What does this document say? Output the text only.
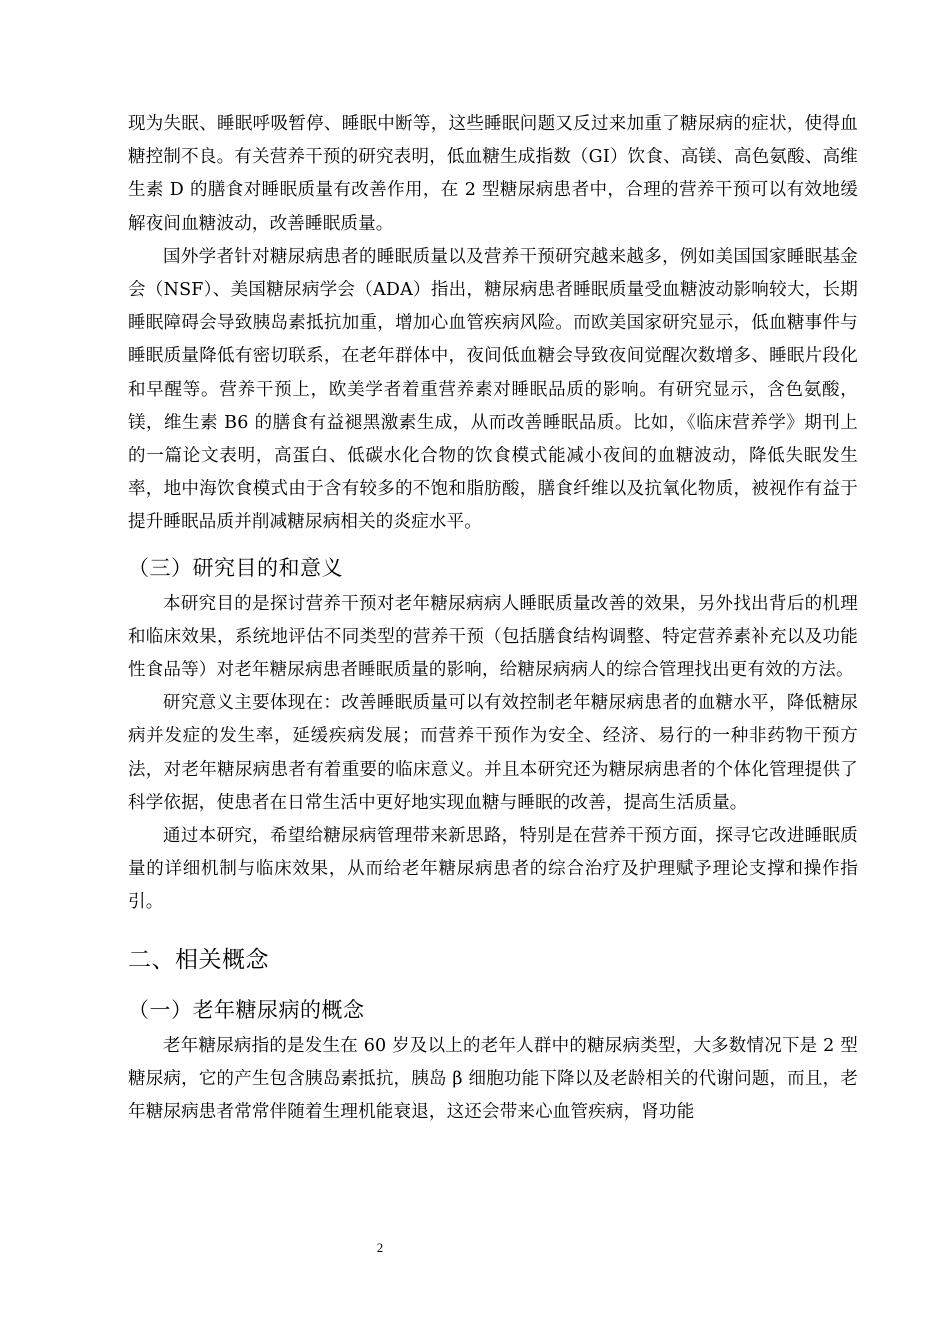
现为失眠、睡眠呼吸暂停、睡眠中断等，这些睡眠问题又反过来加重了糖尿病的症状，使得血糖控制不良。有关营养干预的研究表明，低血糖生成指数（GI）饮食、高镁、高色氨酸、高维生素 D 的膳食对睡眠质量有改善作用，在 2 型糖尿病患者中，合理的营养干预可以有效地缓解夜间血糖波动，改善睡眠质量。

国外学者针对糖尿病患者的睡眠质量以及营养干预研究越来越多，例如美国国家睡眠基金会（NSF）、美国糖尿病学会（ADA）指出，糖尿病患者睡眠质量受血糖波动影响较大，长期睡眠障碍会导致胰岛素抵抗加重，增加心血管疾病风险。而欧美国家研究显示，低血糖事件与睡眠质量降低有密切联系，在老年群体中，夜间低血糖会导致夜间觉醒次数增多、睡眠片段化和早醒等。营养干预上，欧美学者着重营养素对睡眠品质的影响。有研究显示，含色氨酸，镁，维生素 B6 的膳食有益褪黑激素生成，从而改善睡眠品质。比如，《临床营养学》期刊上的一篇论文表明，高蛋白、低碳水化合物的饮食模式能减小夜间的血糖波动，降低失眠发生率，地中海饮食模式由于含有较多的不饱和脂肪酸，膳食纤维以及抗氧化物质，被视作有益于提升睡眠品质并削减糖尿病相关的炎症水平。

（三）研究目的和意义

本研究目的是探讨营养干预对老年糖尿病病人睡眠质量改善的效果，另外找出背后的机理和临床效果，系统地评估不同类型的营养干预（包括膳食结构调整、特定营养素补充以及功能性食品等）对老年糖尿病患者睡眠质量的影响，给糖尿病病人的综合管理找出更有效的方法。

研究意义主要体现在：改善睡眠质量可以有效控制老年糖尿病患者的血糖水平，降低糖尿病并发症的发生率，延缓疾病发展；而营养干预作为安全、经济、易行的一种非药物干预方法，对老年糖尿病患者有着重要的临床意义。并且本研究还为糖尿病患者的个体化管理提供了科学依据，使患者在日常生活中更好地实现血糖与睡眠的改善，提高生活质量。

通过本研究，希望给糖尿病管理带来新思路，特别是在营养干预方面，探寻它改进睡眠质量的详细机制与临床效果，从而给老年糖尿病患者的综合治疗及护理赋予理论支撑和操作指引。

二、相关概念
（一）老年糖尿病的概念

老年糖尿病指的是发生在 60 岁及以上的老年人群中的糖尿病类型，大多数情况下是 2 型糖尿病，它的产生包含胰岛素抵抗，胰岛 β 细胞功能下降以及老龄相关的代谢问题，而且，老年糖尿病患者常常伴随着生理机能衰退，这还会带来心血管疾病，肾功能

2
